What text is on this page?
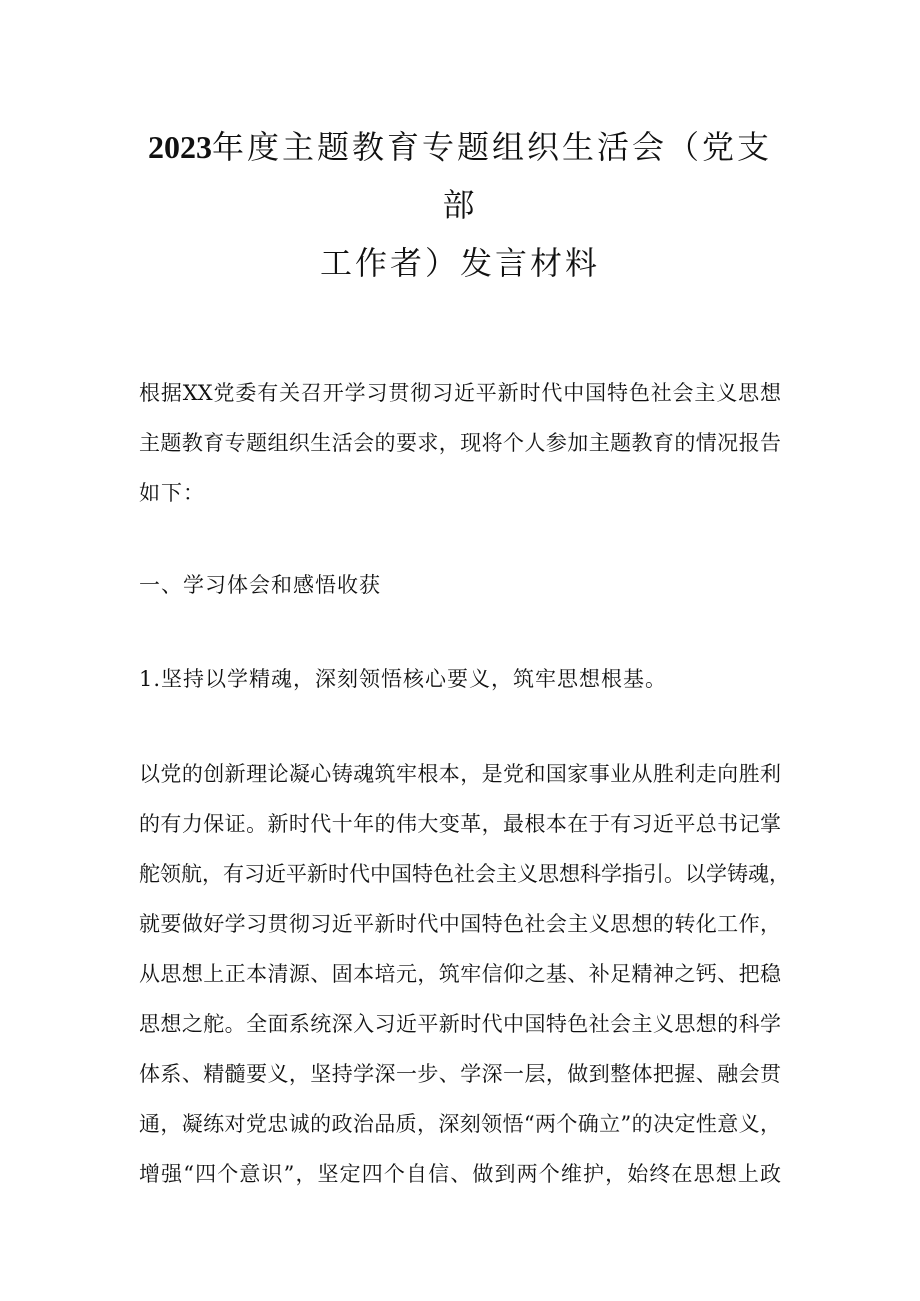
2023年度主题教育专题组织生活会（党支
部
工作者）发言材料
根据XX党委有关召开学习贯彻习近平新时代中国特色社会主义思想
主题教育专题组织生活会的要求，现将个人参加主题教育的情况报告
如下：
一、学习体会和感悟收获
1.坚持以学精魂，深刻领悟核心要义，筑牢思想根基。
以党的创新理论凝心铸魂筑牢根本，是党和国家事业从胜利走向胜利
的有力保证。新时代十年的伟大变革，最根本在于有习近平总书记掌
舵领航，有习近平新时代中国特色社会主义思想科学指引。以学铸魂，
就要做好学习贯彻习近平新时代中国特色社会主义思想的转化工作，
从思想上正本清源、固本培元，筑牢信仰之基、补足精神之钙、把稳
思想之舵。全面系统深入习近平新时代中国特色社会主义思想的科学
体系、精髓要义，坚持学深一步、学深一层，做到整体把握、融会贯
通，凝练对党忠诚的政治品质，深刻领悟“两个确立”的决定性意义，
增强“四个意识”，坚定四个自信、做到两个维护，始终在思想上政
